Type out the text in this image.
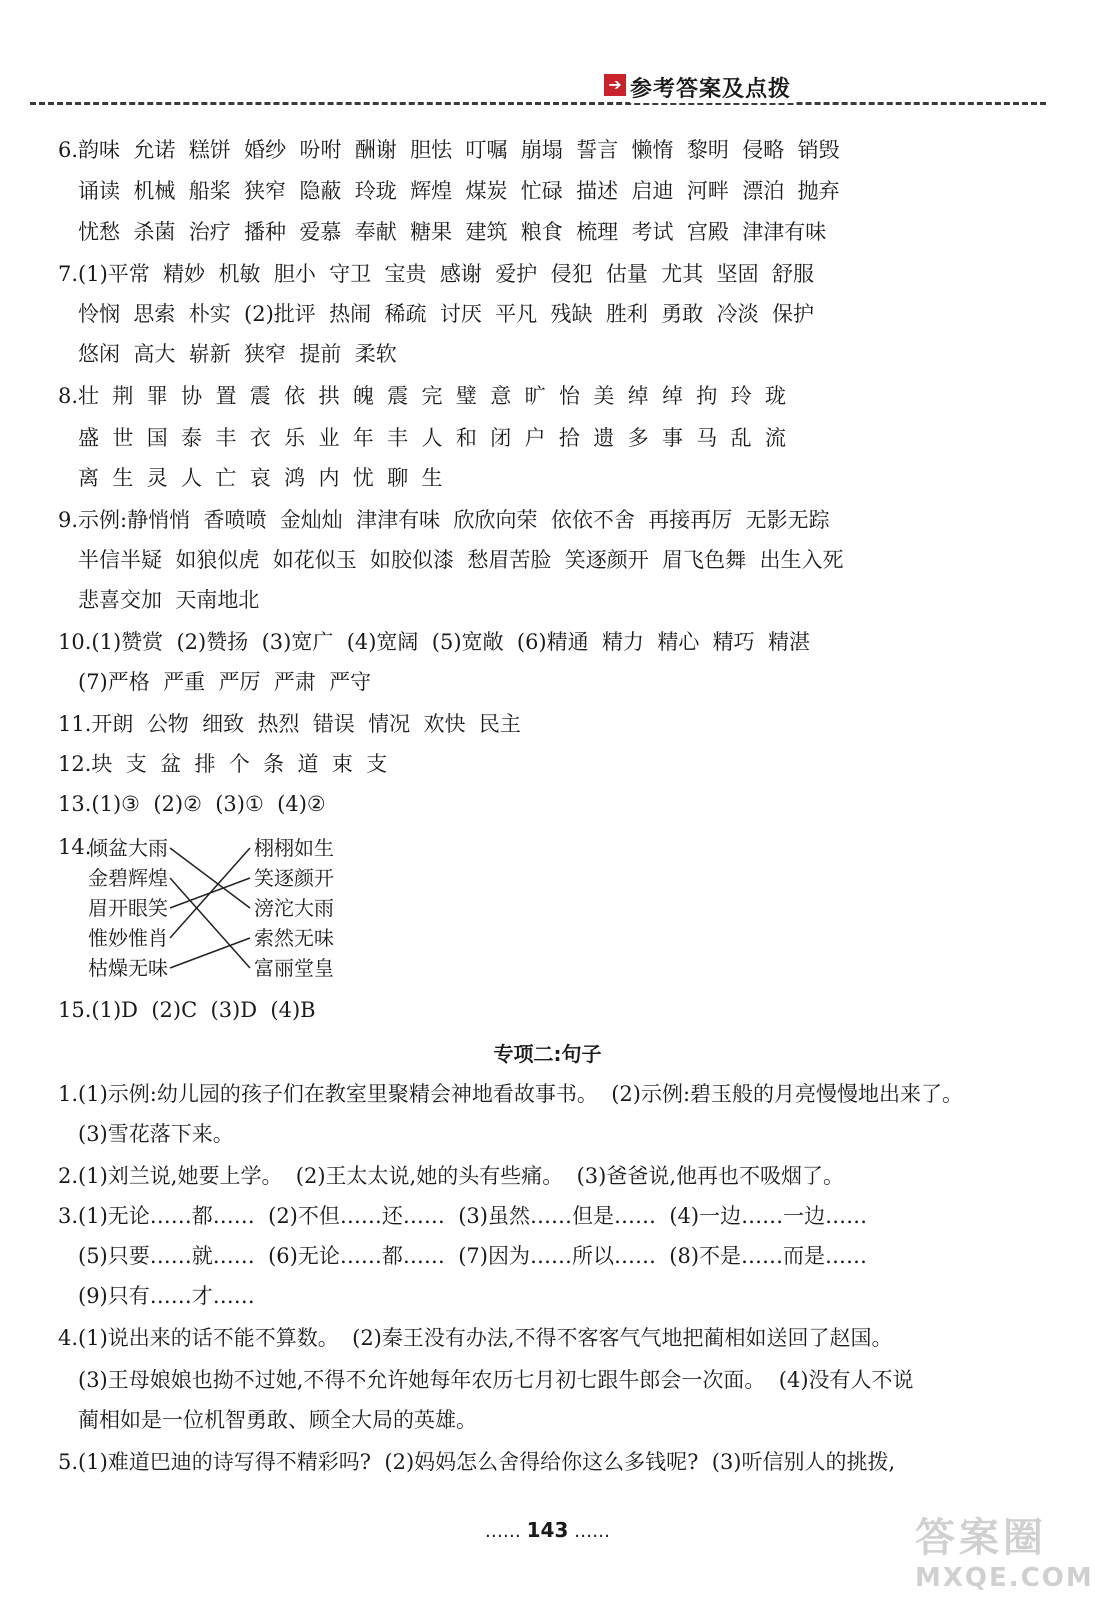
➔ 参考答案及点拨
6.韵味  允诺  糕饼  婚纱  吩咐  酬谢  胆怯  叮嘱  崩塌  誓言  懒惰  黎明  侵略  销毁
诵读  机械  船桨  狭窄  隐蔽  玲珑  辉煌  煤炭  忙碌  描述  启迪  河畔  漂泊  抛弃
忧愁  杀菌  治疗  播种  爱慕  奉献  糖果  建筑  粮食  梳理  考试  宫殿  津津有味
7.(1)平常  精妙  机敏  胆小  守卫  宝贵  感谢  爱护  侵犯  估量  尤其  坚固  舒服
怜悯  思索  朴实  (2)批评  热闹  稀疏  讨厌  平凡  残缺  胜利  勇敢  冷淡  保护
悠闲  高大  崭新  狭窄  提前  柔软
8.壮  荆  罪  协  置  震  依  拱  魄  震  完  璧  意  旷  怡  美  绰  绰  拘  玲  珑
盛  世  国  泰  丰  衣  乐  业  年  丰  人  和  闭  户  拾  遗  多  事  马  乱  流
离  生  灵  人  亡  哀  鸿  内  忧  聊  生
9.示例:静悄悄  香喷喷  金灿灿  津津有味  欣欣向荣  依依不舍  再接再厉  无影无踪
半信半疑  如狼似虎  如花似玉  如胶似漆  愁眉苦脸  笑逐颜开  眉飞色舞  出生入死
悲喜交加  天南地北
10.(1)赞赏  (2)赞扬  (3)宽广  (4)宽阔  (5)宽敞  (6)精通  精力  精心  精巧  精湛
(7)严格  严重  严厉  严肃  严守
11.开朗  公物  细致  热烈  错误  情况  欢快  民主
12.块  支  盆  排  个  条  道  束  支
13.(1)③  (2)②  (3)①  (4)②
14.
倾盆大雨
金碧辉煌
眉开眼笑
惟妙惟肖
枯燥无味
栩栩如生
笑逐颜开
滂沱大雨
索然无味
富丽堂皇
15.(1)D  (2)C  (3)D  (4)B
专项二:句子
1.(1)示例:幼儿园的孩子们在教室里聚精会神地看故事书。  (2)示例:碧玉般的月亮慢慢地出来了。
(3)雪花落下来。
2.(1)刘兰说,她要上学。  (2)王太太说,她的头有些痛。  (3)爸爸说,他再也不吸烟了。
3.(1)无论……都……  (2)不但……还……  (3)虽然……但是……  (4)一边……一边……
(5)只要……就……  (6)无论……都……  (7)因为……所以……  (8)不是……而是……
(9)只有……才……
4.(1)说出来的话不能不算数。  (2)秦王没有办法,不得不客客气气地把蔺相如送回了赵国。
(3)王母娘娘也拗不过她,不得不允许她每年农历七月初七跟牛郎会一次面。  (4)没有人不说
蔺相如是一位机智勇敢、顾全大局的英雄。
5.(1)难道巴迪的诗写得不精彩吗?  (2)妈妈怎么舍得给你这么多钱呢?  (3)听信别人的挑拨,
…… 143 ……	答案圈
MXQE.COM
